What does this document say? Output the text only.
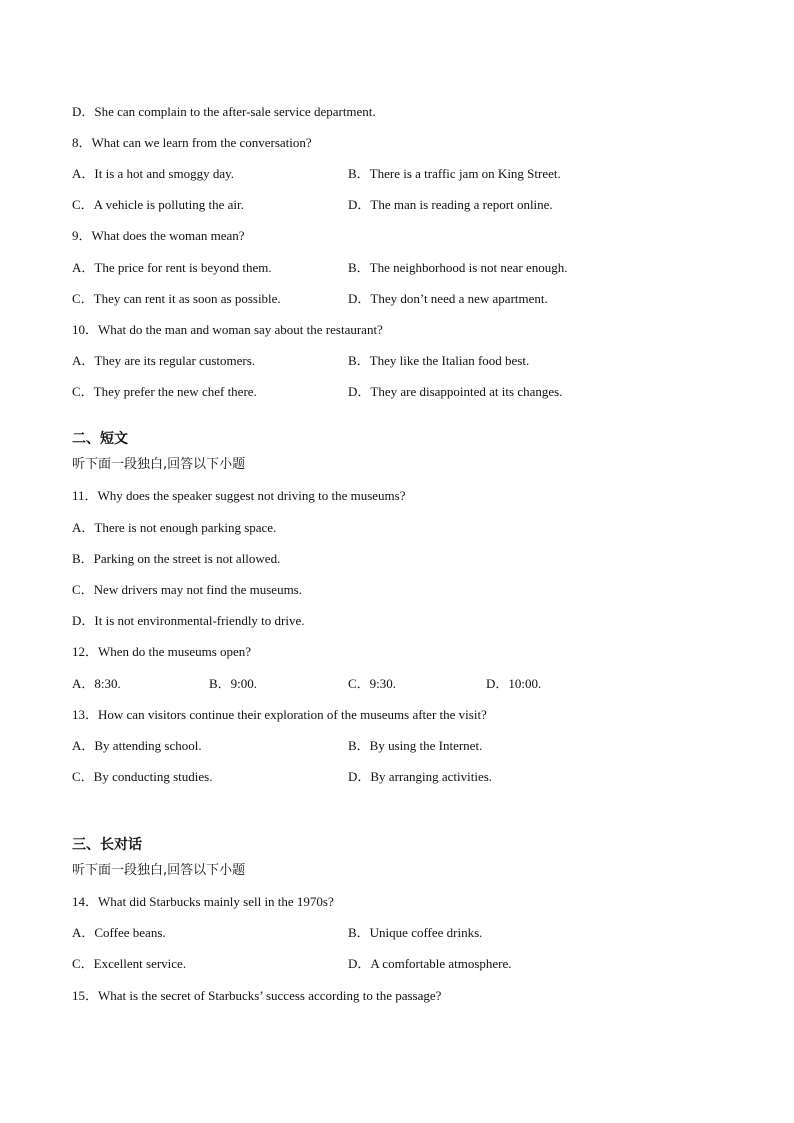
D．She can complain to the after-sale service department.
8．What can we learn from the conversation?
A．It is a hot and smoggy day.	B．There is a traffic jam on King Street.
C．A vehicle is polluting the air.	D．The man is reading a report online.
9．What does the woman mean?
A．The price for rent is beyond them.	B．The neighborhood is not near enough.
C．They can rent it as soon as possible.	D．They don’t need a new apartment.
10．What do the man and woman say about the restaurant?
A．They are its regular customers.	B．They like the Italian food best.
C．They prefer the new chef there.	D．They are disappointed at its changes.
二、短文
听下面一段独白,回答以下小题
11．Why does the speaker suggest not driving to the museums?
A．There is not enough parking space.
B．Parking on the street is not allowed.
C．New drivers may not find the museums.
D．It is not environmental-friendly to drive.
12．When do the museums open?
A．8:30.	B．9:00.	C．9:30.	D．10:00.
13．How can visitors continue their exploration of the museums after the visit?
A．By attending school.	B．By using the Internet.
C．By conducting studies.	D．By arranging activities.
三、长对话
听下面一段独白,回答以下小题
14．What did Starbucks mainly sell in the 1970s?
A．Coffee beans.	B．Unique coffee drinks.
C．Excellent service.	D．A comfortable atmosphere.
15．What is the secret of Starbucks’ success according to the passage?
